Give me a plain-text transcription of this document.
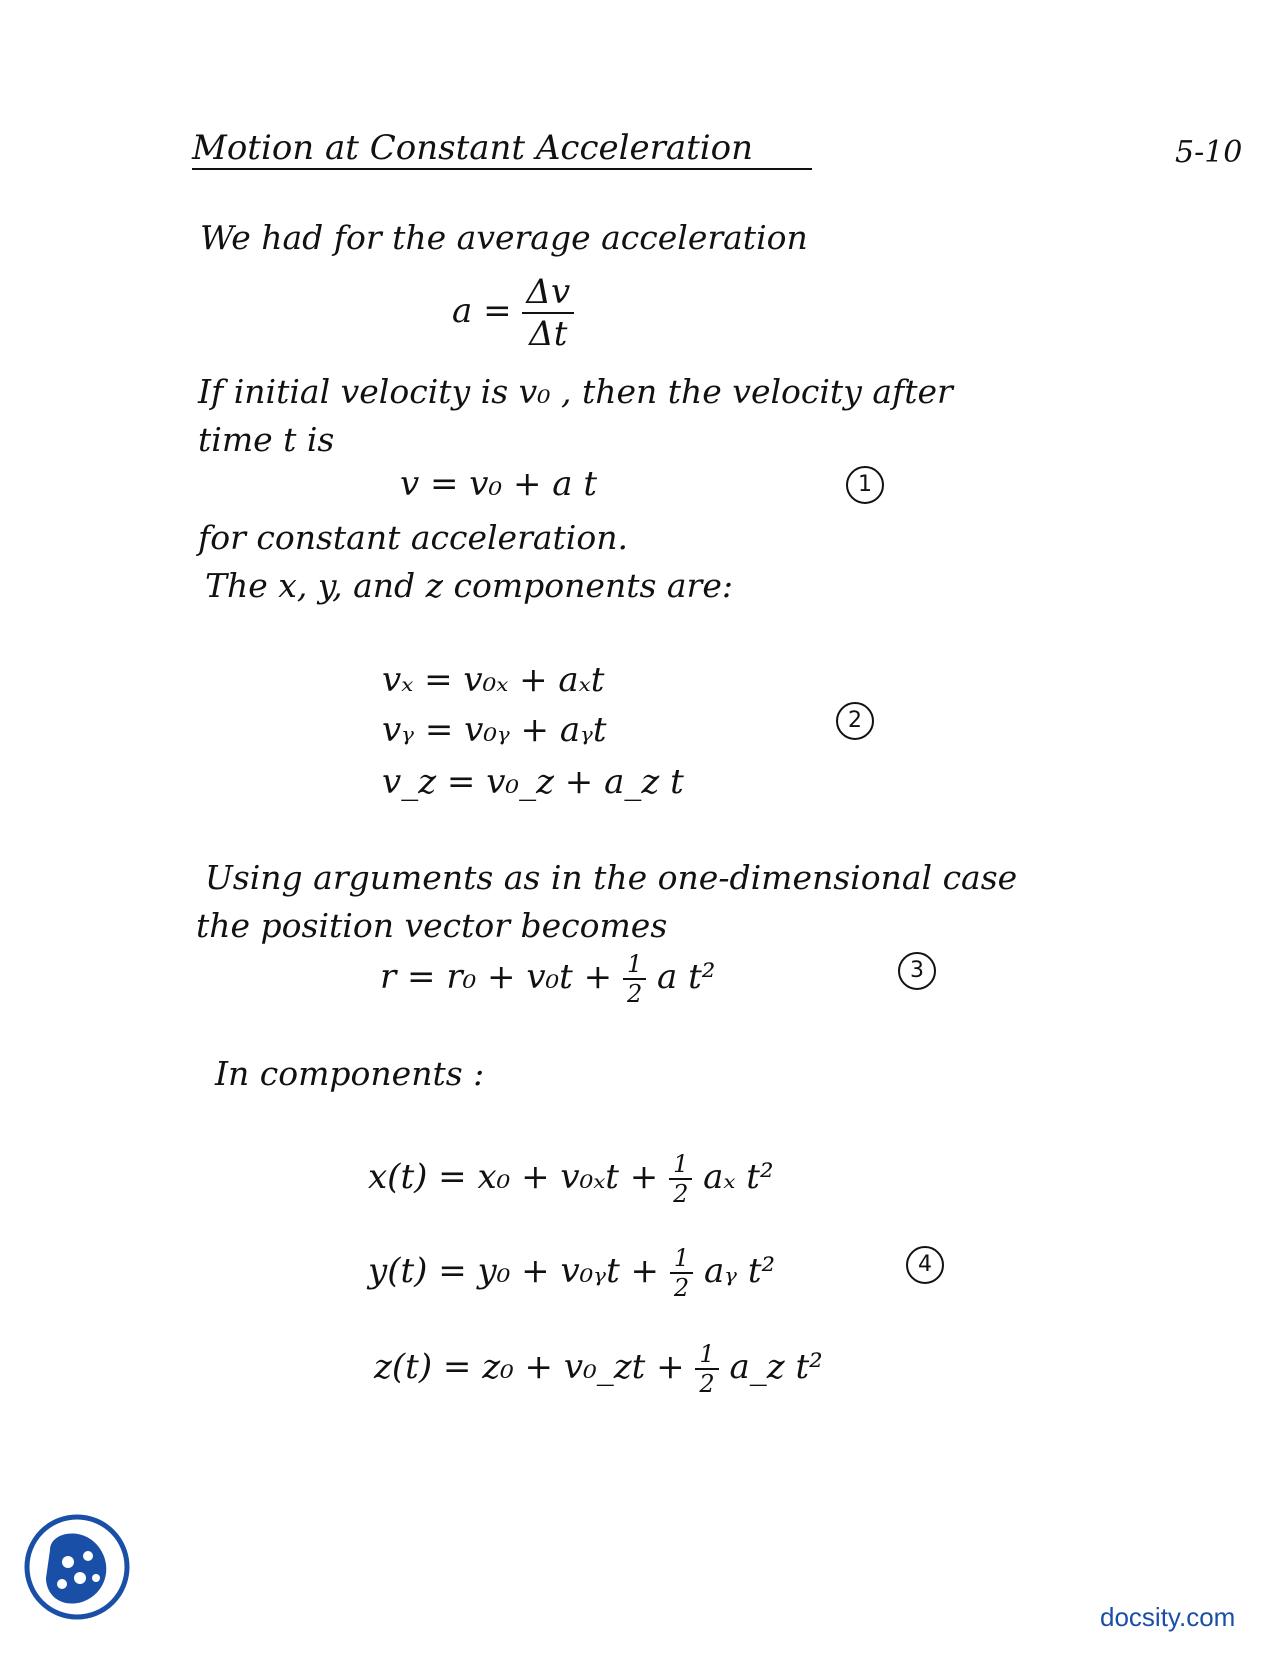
Motion at Constant Acceleration	5-10
We had for the average acceleration
$a = \frac{\Delta v}{\Delta t}$
If initial velocity is v₀ , then the velocity after
time t is
v = v₀ + a t	1
for constant acceleration.
The x, y, and z components are:
vₓ = v₀ₓ + aₓt
vᵧ = v₀ᵧ + aᵧt
v_z = v₀_z + a_z t
2
Using arguments as in the one-dimensional case
the position vector becomes
$r = r_0 + v_0t + \frac{1}{2}$ a t²	3
In components :
$x(t) = x_0 + v_{0x}t + \frac{1}{2}$ aₓ t²
y(t) = y₀ + v₀ᵧt + $\frac{1}{2}$ aᵧ t²	4
z(t) = z₀ + v₀_zt + $\frac{1}{2}$ a_z t²
docsity.com
